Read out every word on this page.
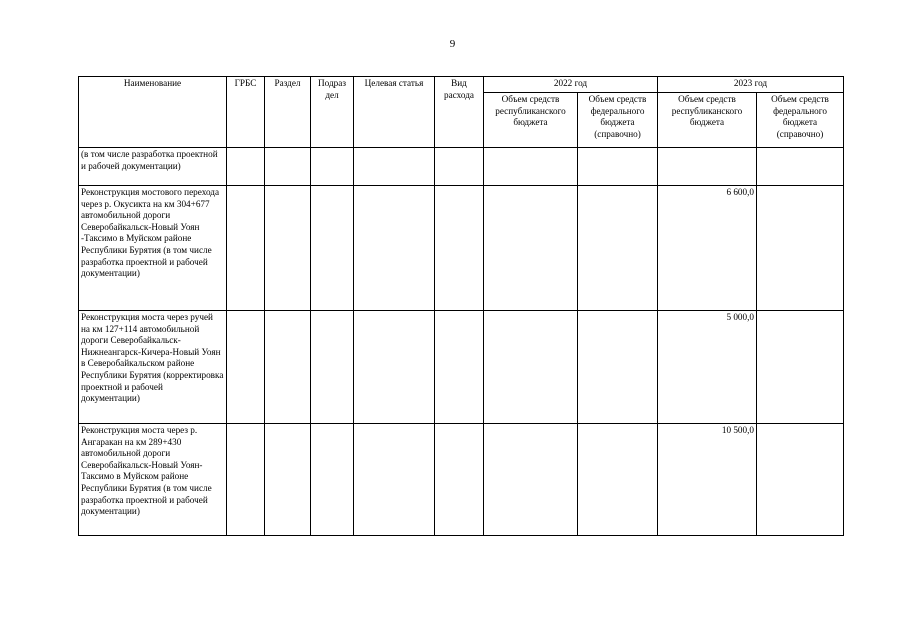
9
Наименование	ГРБС	Раздел	Подраз дел	Целевая статья	Вид расхода	2022 год		2023 год	
						Объем средств республиканского бюджета	Объем средств федерального бюджета (справочно)	Объем средств республиканского бюджета	Объем средств федерального бюджета (справочно)
(в том числе разработка проектной и рабочей документации)									
Реконструкция мостового перехода через р. Окусикта на км 304+677 автомобильной дороги Северобайкальск-Новый Уоян -Таксимо в Муйском районе Республики Бурятия (в том числе разработка проектной и рабочей документации)								6 600,0	
Реконструкция моста через ручей на км 127+114 автомобильной дороги Северобайкальск-Нижнеангарск-Кичера-Новый Уоян в Северобайкальском районе Республики Бурятия (корректировка проектной и рабочей документации)								5 000,0	
Реконструкция моста через р. Ангаракан на км 289+430 автомобильной дороги Северобайкальск-Новый Уоян-Таксимо в Муйском районе Республики Бурятия (в том числе разработка проектной и рабочей документации)								10 500,0	
